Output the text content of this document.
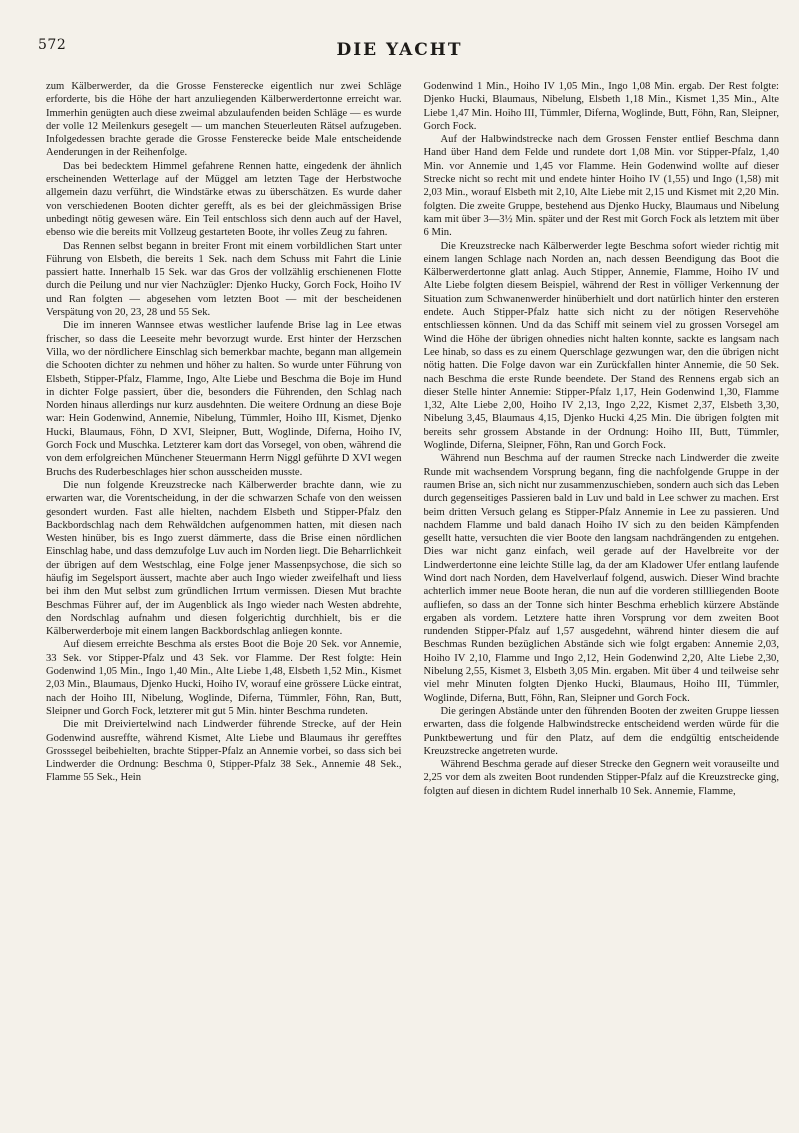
572	DIE YACHT

zum Kälberwerder, da die Grosse Fensterecke eigentlich nur zwei Schläge erforderte, bis die Höhe der hart anzuliegenden Kälberwerdertonne erreicht war. Immerhin genügten auch diese zweimal abzulaufenden beiden Schläge — es wurde der volle 12 Meilenkurs gesegelt — um manchen Steuerleuten Rätsel aufzugeben. Infolgedessen brachte gerade die Grosse Fensterecke beide Male entscheidende Aenderungen in der Reihenfolge.

Das bei bedecktem Himmel gefahrene Rennen hatte, eingedenk der ähnlich erscheinenden Wetterlage auf der Müggel am letzten Tage der Herbstwoche allgemein dazu verführt, die Windstärke etwas zu überschätzen. Es wurde daher von verschiedenen Booten dichter gerefft, als es bei der gleichmässigen Brise unbedingt nötig gewesen wäre. Ein Teil entschloss sich denn auch auf der Havel, ebenso wie die bereits mit Vollzeug gestarteten Boote, ihr volles Zeug zu fahren.

Das Rennen selbst begann in breiter Front mit einem vorbildlichen Start unter Führung von Elsbeth, die bereits 1 Sek. nach dem Schuss mit Fahrt die Linie passiert hatte. Innerhalb 15 Sek. war das Gros der vollzählig erschienenen Flotte durch die Peilung und nur vier Nachzügler: Djenko Hucky, Gorch Fock, Hoiho IV und Ran folgten — abgesehen vom letzten Boot — mit der bescheidenen Verspätung von 20, 23, 28 und 55 Sek.

Die im inneren Wannsee etwas westlicher laufende Brise lag in Lee etwas frischer, so dass die Leeseite mehr bevorzugt wurde. Erst hinter der Herzschen Villa, wo der nördlichere Einschlag sich bemerkbar machte, begann man allgemein die Schooten dichter zu nehmen und höher zu halten. So wurde unter Führung von Elsbeth, Stipper-Pfalz, Flamme, Ingo, Alte Liebe und Beschma die Boje im Hund in dichter Folge passiert, über die, besonders die Führenden, den Schlag nach Norden hinaus allerdings nur kurz ausdehnten. Die weitere Ordnung an diese Boje war: Hein Godenwind, Annemie, Nibelung, Tümmler, Hoiho III, Kismet, Djenko Hucki, Blaumaus, Föhn, D XVI, Sleipner, Butt, Woglinde, Diferna, Hoiho IV, Gorch Fock und Muschka. Letzterer kam dort das Vorsegel, von oben, während die von dem erfolgreichen Münchener Steuermann Herrn Niggl geführte D XVI wegen Bruchs des Ruderbeschlages hier schon ausscheiden musste.

Die nun folgende Kreuzstrecke nach Kälberwerder brachte dann, wie zu erwarten war, die Vorentscheidung, in der die schwarzen Schafe von den weissen gesondert wurden. Fast alle hielten, nachdem Elsbeth und Stipper-Pfalz den Backbordschlag nach dem Rehwäldchen aufgenommen hatten, mit diesen nach Westen hinüber, bis es Ingo zuerst dämmerte, dass die Brise einen nördlichen Einschlag habe, und dass demzufolge Luv auch im Norden liegt. Die Beharrlichkeit der übrigen auf dem Westschlag, eine Folge jener Massenpsychose, die sich so häufig im Segelsport äussert, machte aber auch Ingo wieder zweifelhaft und liess bei ihm den Mut selbst zum gründlichen Irrtum vermissen. Diesen Mut brachte Beschmas Führer auf, der im Augenblick als Ingo wieder nach Westen abdrehte, den Nordschlag aufnahm und diesen folgerichtig durchhielt, bis er die Kälberwerderboje mit einem langen Backbordschlag anliegen konnte.

Auf diesem erreichte Beschma als erstes Boot die Boje 20 Sek. vor Annemie, 33 Sek. vor Stipper-Pfalz und 43 Sek. vor Flamme. Der Rest folgte: Hein Godenwind 1,05 Min., Ingo 1,40 Min., Alte Liebe 1,48, Elsbeth 1,52 Min., Kismet 2,03 Min., Blaumaus, Djenko Hucki, Hoiho IV, worauf eine grössere Lücke eintrat, nach der Hoiho III, Nibelung, Woglinde, Diferna, Tümmler, Föhn, Ran, Butt, Sleipner und Gorch Fock, letzterer mit gut 5 Min. hinter Beschma rundeten.

Die mit Dreiviertelwind nach Lindwerder führende Strecke, auf der Hein Godenwind ausreffte, während Kismet, Alte Liebe und Blaumaus ihr gerefftes Grosssegel beibehielten, brachte Stipper-Pfalz an Annemie vorbei, so dass sich bei Lindwerder die Ordnung: Beschma 0, Stipper-Pfalz 38 Sek., Annemie 48 Sek., Flamme 55 Sek., Hein

Godenwind 1 Min., Hoiho IV 1,05 Min., Ingo 1,08 Min. ergab. Der Rest folgte: Djenko Hucki, Blaumaus, Nibelung, Elsbeth 1,18 Min., Kismet 1,35 Min., Alte Liebe 1,47 Min. Hoiho III, Tümmler, Diferna, Woglinde, Butt, Föhn, Ran, Sleipner, Gorch Fock.

Auf der Halbwindstrecke nach dem Grossen Fenster entlief Beschma dann Hand über Hand dem Felde und rundete dort 1,08 Min. vor Stipper-Pfalz, 1,40 Min. vor Annemie und 1,45 vor Flamme. Hein Godenwind wollte auf dieser Strecke nicht so recht mit und endete hinter Hoiho IV (1,55) und Ingo (1,58) mit 2,03 Min., worauf Elsbeth mit 2,10, Alte Liebe mit 2,15 und Kismet mit 2,20 Min. folgten. Die zweite Gruppe, bestehend aus Djenko Hucky, Blaumaus und Nibelung kam mit über 3—3½ Min. später und der Rest mit Gorch Fock als letztem mit über 6 Min.

Die Kreuzstrecke nach Kälberwerder legte Beschma sofort wieder richtig mit einem langen Schlage nach Norden an, nach dessen Beendigung das Boot die Kälberwerdertonne glatt anlag. Auch Stipper, Annemie, Flamme, Hoiho IV und Alte Liebe folgten diesem Beispiel, während der Rest in völliger Verkennung der Situation zum Schwanenwerder hinüberhielt und dort natürlich hinter den ersteren endete. Auch Stipper-Pfalz hatte sich nicht zu der nötigen Reservehöhe entschliessen können. Und da das Schiff mit seinem viel zu grossen Vorsegel am Wind die Höhe der übrigen ohnedies nicht halten konnte, sackte es langsam nach Lee hinab, so dass es zu einem Querschlage gezwungen war, den die übrigen nicht nötig hatten. Die Folge davon war ein Zurückfallen hinter Annemie, die 50 Sek. nach Beschma die erste Runde beendete. Der Stand des Rennens ergab sich an dieser Stelle hinter Annemie: Stipper-Pfalz 1,17, Hein Godenwind 1,30, Flamme 1,32, Alte Liebe 2,00, Hoiho IV 2,13, Ingo 2,22, Kismet 2,37, Elsbeth 3,30, Nibelung 3,45, Blaumaus 4,15, Djenko Hucki 4,25 Min. Die übrigen folgten mit bereits sehr grossem Abstande in der Ordnung: Hoiho III, Butt, Tümmler, Woglinde, Diferna, Sleipner, Föhn, Ran und Gorch Fock.

Während nun Beschma auf der raumen Strecke nach Lindwerder die zweite Runde mit wachsendem Vorsprung begann, fing die nachfolgende Gruppe in der raumen Brise an, sich nicht nur zusammenzuschieben, sondern auch sich das Leben durch gegenseitiges Passieren bald in Luv und bald in Lee schwer zu machen. Erst beim dritten Versuch gelang es Stipper-Pfalz Annemie in Lee zu passieren. Und nachdem Flamme und bald danach Hoiho IV sich zu den beiden Kämpfenden gesellt hatte, versuchten die vier Boote den langsam nachdrängenden zu entgehen. Dies war nicht ganz einfach, weil gerade auf der Havelbreite vor der Lindwerdertonne eine leichte Stille lag, da der am Kladower Ufer entlang laufende Wind dort nach Norden, dem Havelverlauf folgend, auswich. Dieser Wind brachte achterlich immer neue Boote heran, die nun auf die vorderen stillliegenden Boote aufliefen, so dass an der Tonne sich hinter Beschma erheblich kürzere Abstände ergaben als vordem. Letztere hatte ihren Vorsprung vor dem zweiten Boot rundenden Stipper-Pfalz auf 1,57 ausgedehnt, während hinter diesem die auf Beschmas Runden bezüglichen Abstände sich wie folgt ergaben: Annemie 2,03, Hoiho IV 2,10, Flamme und Ingo 2,12, Hein Godenwind 2,20, Alte Liebe 2,30, Nibelung 2,55, Kismet 3, Elsbeth 3,05 Min. ergaben. Mit über 4 und teilweise sehr viel mehr Minuten folgten Djenko Hucki, Blaumaus, Hoiho III, Tümmler, Woglinde, Diferna, Butt, Föhn, Ran, Sleipner und Gorch Fock.

Die geringen Abstände unter den führenden Booten der zweiten Gruppe liessen erwarten, dass die folgende Halbwindstrecke entscheidend werden würde für die Punktbewertung und für den Platz, auf dem die endgültig entscheidende Kreuzstrecke angetreten wurde.

Während Beschma gerade auf dieser Strecke den Gegnern weit vorauseilte und 2,25 vor dem als zweiten Boot rundenden Stipper-Pfalz auf die Kreuzstrecke ging, folgten auf diesen in dichtem Rudel innerhalb 10 Sek. Annemie, Flamme,
